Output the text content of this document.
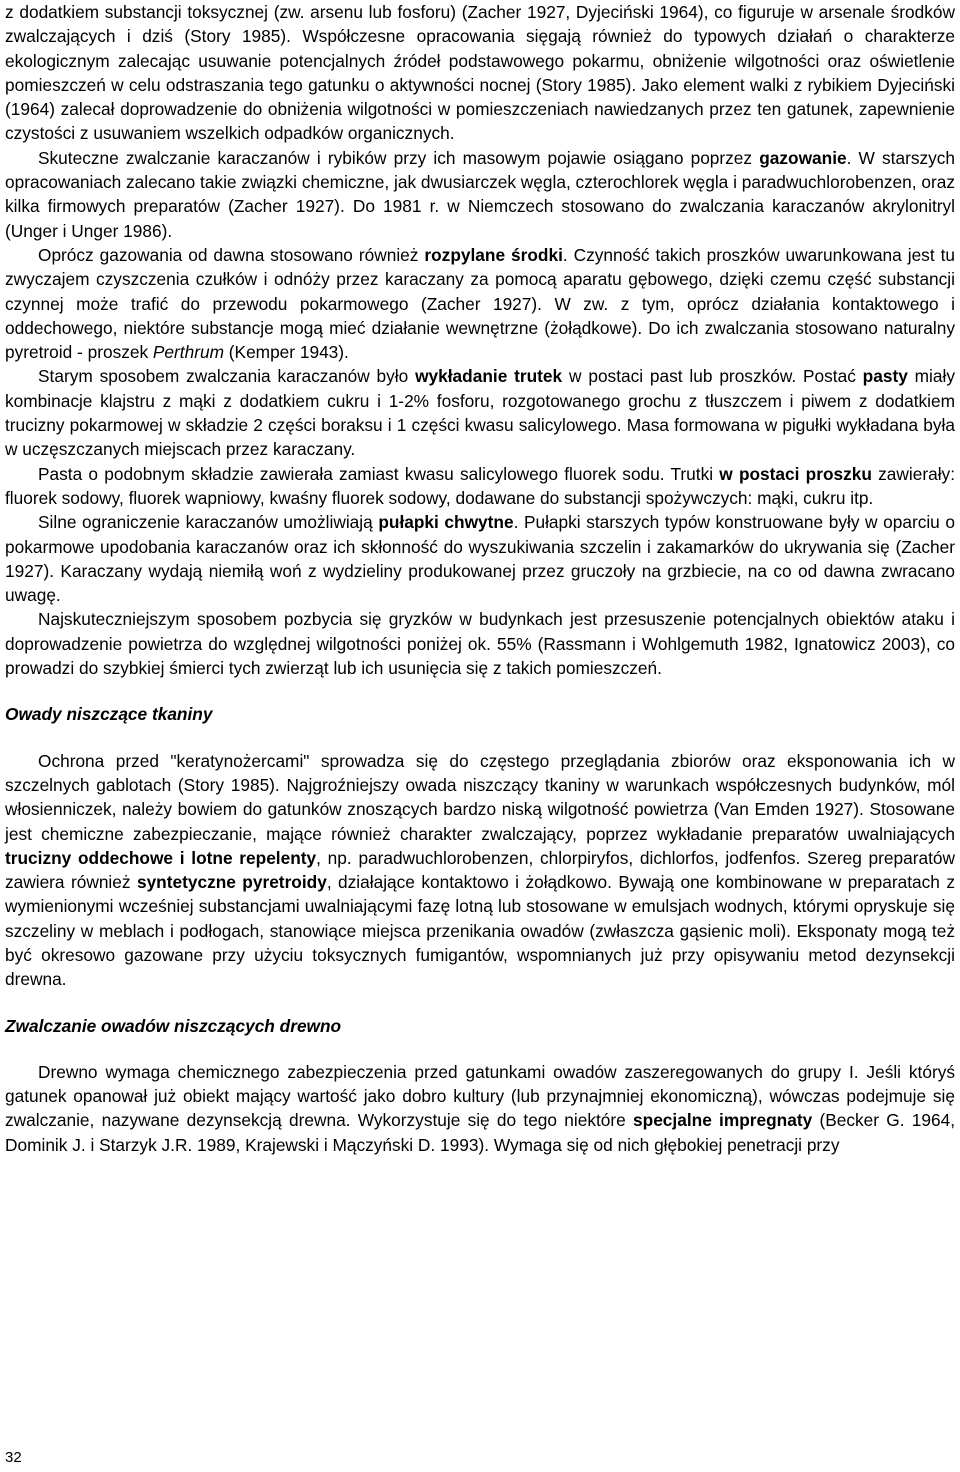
z dodatkiem substancji toksycznej (zw. arsenu lub fosforu) (Zacher 1927, Dyjeciński 1964), co figuruje w arsenale środków zwalczających i dziś (Story 1985). Współczesne opracowania sięgają również do typowych działań o charakterze ekologicznym zalecając usuwanie potencjalnych źródeł podstawowego pokarmu, obniżenie wilgotności oraz oświetlenie pomieszczeń w celu odstraszania tego gatunku o aktywności nocnej (Story 1985). Jako element walki z rybikiem Dyjeciński (1964) zalecał doprowadzenie do obniżenia wilgotności w pomieszczeniach nawiedzanych przez ten gatunek, zapewnienie czystości z usuwaniem wszelkich odpadków organicznych.

Skuteczne zwalczanie karaczanów i rybików przy ich masowym pojawie osiągano poprzez gazowanie. W starszych opracowaniach zalecano takie związki chemiczne, jak dwusiarczek węgla, czterochlorek węgla i paradwuchlorobenzen, oraz kilka firmowych preparatów (Zacher 1927). Do 1981 r. w Niemczech stosowano do zwalczania karaczanów akrylonitryl (Unger i Unger 1986).

Oprócz gazowania od dawna stosowano również rozpylane środki. Czynność takich proszków uwarunkowana jest tu zwyczajem czyszczenia czułków i odnóży przez karaczany za pomocą aparatu gębowego, dzięki czemu część substancji czynnej może trafić do przewodu pokarmowego (Zacher 1927). W zw. z tym, oprócz działania kontaktowego i oddechowego, niektóre substancje mogą mieć działanie wewnętrzne (żołądkowe). Do ich zwalczania stosowano naturalny pyretroid - proszek Perthrum (Kemper 1943).

Starym sposobem zwalczania karaczanów było wykładanie trutek w postaci past lub proszków. Postać pasty miały kombinacje klajstru z mąki z dodatkiem cukru i 1-2% fosforu, rozgotowanego grochu z tłuszczem i piwem z dodatkiem trucizny pokarmowej w składzie 2 części boraksu i 1 części kwasu salicylowego. Masa formowana w pigułki wykładana była w uczęszczanych miejscach przez karaczany.

Pasta o podobnym składzie zawierała zamiast kwasu salicylowego fluorek sodu. Trutki w postaci proszku zawierały: fluorek sodowy, fluorek wapniowy, kwaśny fluorek sodowy, dodawane do substancji spożywczych: mąki, cukru itp.

Silne ograniczenie karaczanów umożliwiają pułapki chwytne. Pułapki starszych typów konstruowane były w oparciu o pokarmowe upodobania karaczanów oraz ich skłonność do wyszukiwania szczelin i zakamarków do ukrywania się (Zacher 1927). Karaczany wydają niemiłą woń z wydzieliny produkowanej przez gruczoły na grzbiecie, na co od dawna zwracano uwagę.

Najskuteczniejszym sposobem pozbycia się gryzków w budynkach jest przesuszenie potencjalnych obiektów ataku i doprowadzenie powietrza do względnej wilgotności poniżej ok. 55% (Rassmann i Wohlgemuth 1982, Ignatowicz 2003), co prowadzi do szybkiej śmierci tych zwierząt lub ich usunięcia się z takich pomieszczeń.

Owady niszczące tkaniny

Ochrona przed "keratynożercami" sprowadza się do częstego przeglądania zbiorów oraz eksponowania ich w szczelnych gablotach (Story 1985). Najgroźniejszy owada niszczący tkaniny w warunkach współczesnych budynków, mól włosienniczek, należy bowiem do gatunków znoszących bardzo niską wilgotność powietrza (Van Emden 1927). Stosowane jest chemiczne zabezpieczanie, mające również charakter zwalczający, poprzez wykładanie preparatów uwalniających trucizny oddechowe i lotne repelenty, np. paradwuchlorobenzen, chlorpiryfos, dichlorfos, jodfenfos. Szereg preparatów zawiera również syntetyczne pyretroidy, działające kontaktowo i żołądkowo. Bywają one kombinowane w preparatach z wymienionymi wcześniej substancjami uwalniającymi fazę lotną lub stosowane w emulsjach wodnych, którymi opryskuje się szczeliny w meblach i podłogach, stanowiące miejsca przenikania owadów (zwłaszcza gąsienic moli). Eksponaty mogą też być okresowo gazowane przy użyciu toksycznych fumigantów, wspomnianych już przy opisywaniu metod dezynsekcji drewna.

Zwalczanie owadów niszczących drewno

Drewno wymaga chemicznego zabezpieczenia przed gatunkami owadów zaszeregowanych do grupy I. Jeśli któryś gatunek opanował już obiekt mający wartość jako dobro kultury (lub przynajmniej ekonomiczną), wówczas podejmuje się zwalczanie, nazywane dezynsekcją drewna. Wykorzystuje się do tego niektóre specjalne impregnaty (Becker G. 1964, Dominik J. i Starzyk J.R. 1989, Krajewski i Mączyński D. 1993). Wymaga się od nich głębokiej penetracji przy

32
